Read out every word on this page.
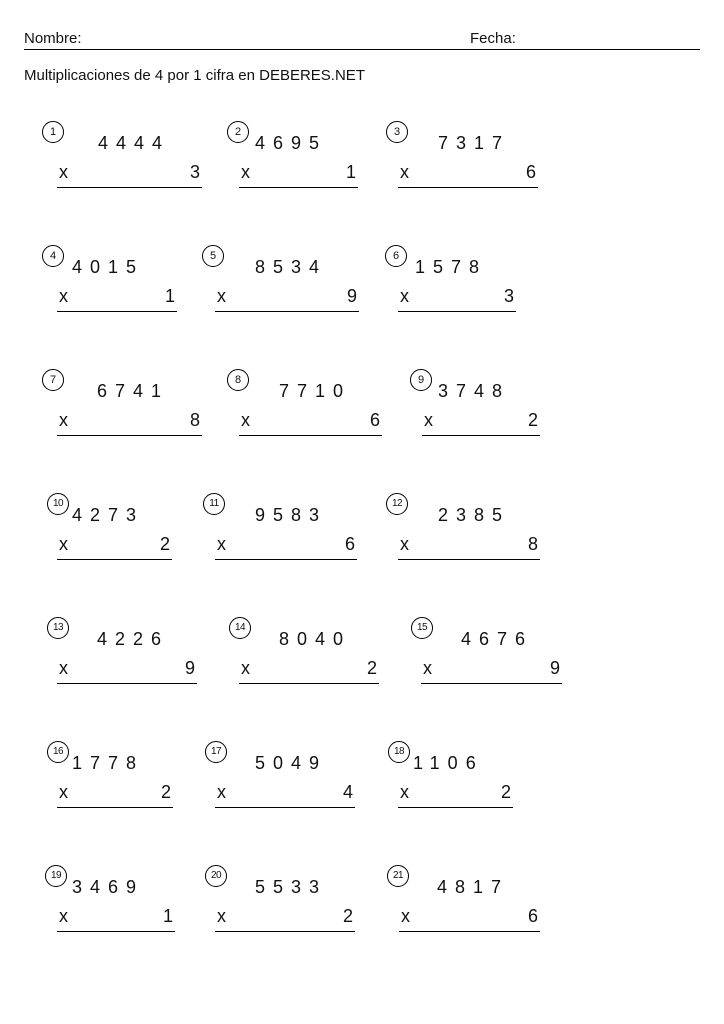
Nombre:	Fecha:
Multiplicaciones de 4 por 1 cifra en DEBERES.NET
1
4444
x	3
2
4695
x	1
3
7317
x	6
4
4015
x	1
5
8534
x	9
6
1578
x	3
7
6741
x	8
8
7710
x	6
9
3748
x	2
10
4273
x	2
11
9583
x	6
12
2385
x	8
13
4226
x	9
14
8040
x	2
15
4676
x	9
16
1778
x	2
17
5049
x	4
18
1106
x	2
19
3469
x	1
20
5533
x	2
21
4817
x	6
